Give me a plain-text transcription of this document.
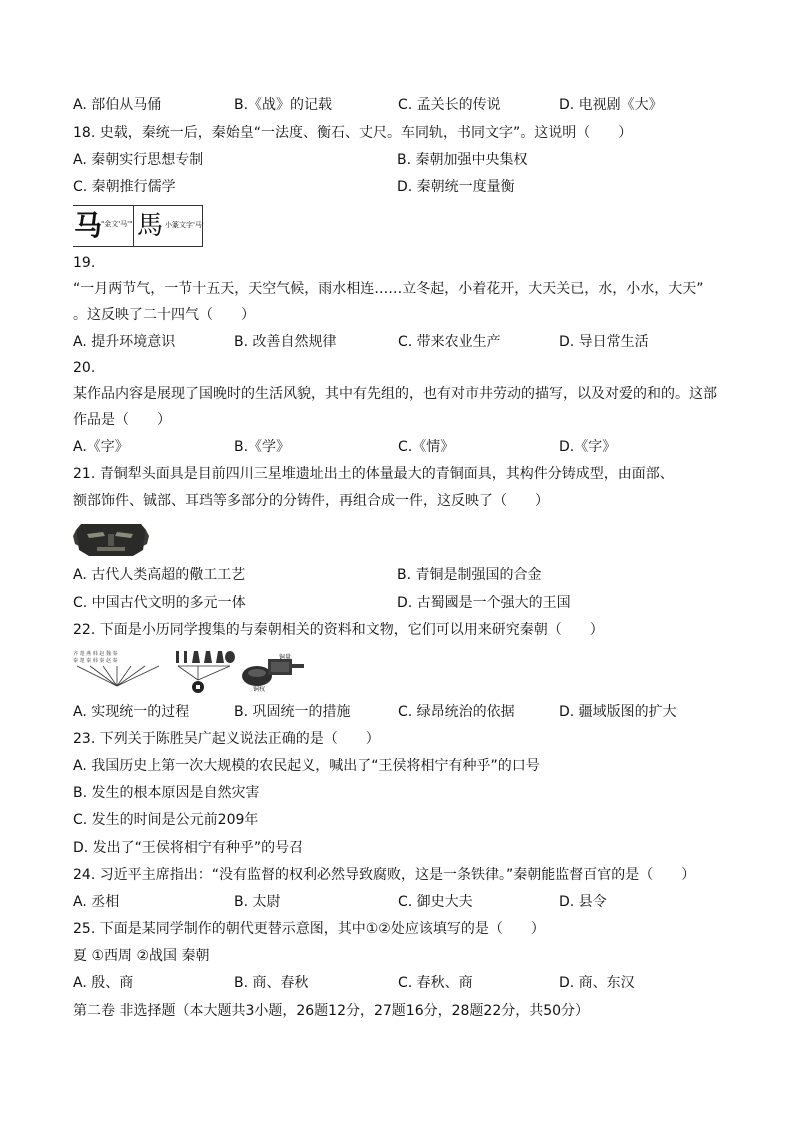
A. 部伯从马俑	B.《战》的记载	C. 孟关长的传说	D. 电视剧《大》
18. 史载，秦统一后，秦始皇“一法度、衡石、丈尺。车同轨，书同文字”。这说明（　　）
A. 秦朝实行思想专制	B. 秦朝加强中央集权
C. 秦朝推行儒学	D. 秦朝统一度量衡
马 "金文'马'" 馬 小篆文字'马'
19.
“一月两节气，一节十五天，天空气候，雨水相连……立冬起，小着花开，大天关已，水，小水，大天”
。这反映了二十四气（　　）
A. 提升环境意识	B. 改善自然规律	C. 带来农业生产	D. 导日常生活
20.
某作品内容是展现了国晚时的生活风貌，其中有先组的，也有对市井劳动的描写，以及对爱的和的。这部
作品是（　　）
A.《字》	B.《学》	C.《情》	D.《字》
21. 青铜犁头面具是目前四川三星堆遗址出土的体量最大的青铜面具，其构件分铸成型，由面部、
额部饰件、铖部、耳珰等多部分的分铸件，再组合成一件，这反映了（　　）
A. 古代人类高超的儆工工艺	B. 青铜是制强国的合金
C. 中国古代文明的多元一体	D. 古蜀國是一个强大的王国
22. 下面是小历同学搜集的与秦朝相关的资料和文物，它们可以用来研究秦朝（　　）
齐 楚 燕 韩 赵 魏 秦
秦 楚 秦 韩 秦 赵 秦
铜权
铜量
A. 实现统一的过程	B. 巩固统一的措施	C. 绿昂统治的依据	D. 疆域版图的扩大
23. 下列关于陈胜吴广起义说法正确的是（　　）
A. 我国历史上第一次大规模的农民起义，喊出了“王侯将相宁有种乎”的口号
B. 发生的根本原因是自然灾害
C. 发生的时间是公元前209年
D. 发出了“王侯将相宁有种乎”的号召
24. 习近平主席指出：“没有监督的权利必然导致腐败，这是一条铁律。”秦朝能监督百官的是（　　）
A. 丞相	B. 太尉	C. 御史大夫	D. 县令
25. 下面是某同学制作的朝代更替示意图，其中①②处应该填写的是（　　）
夏 ①西周 ②战国 秦朝
A. 殷、商	B. 商、春秋	C. 春秋、商	D. 商、东汉
第二卷 非选择题（本大题共3小题，26题12分，27题16分，28题22分，共50分）
